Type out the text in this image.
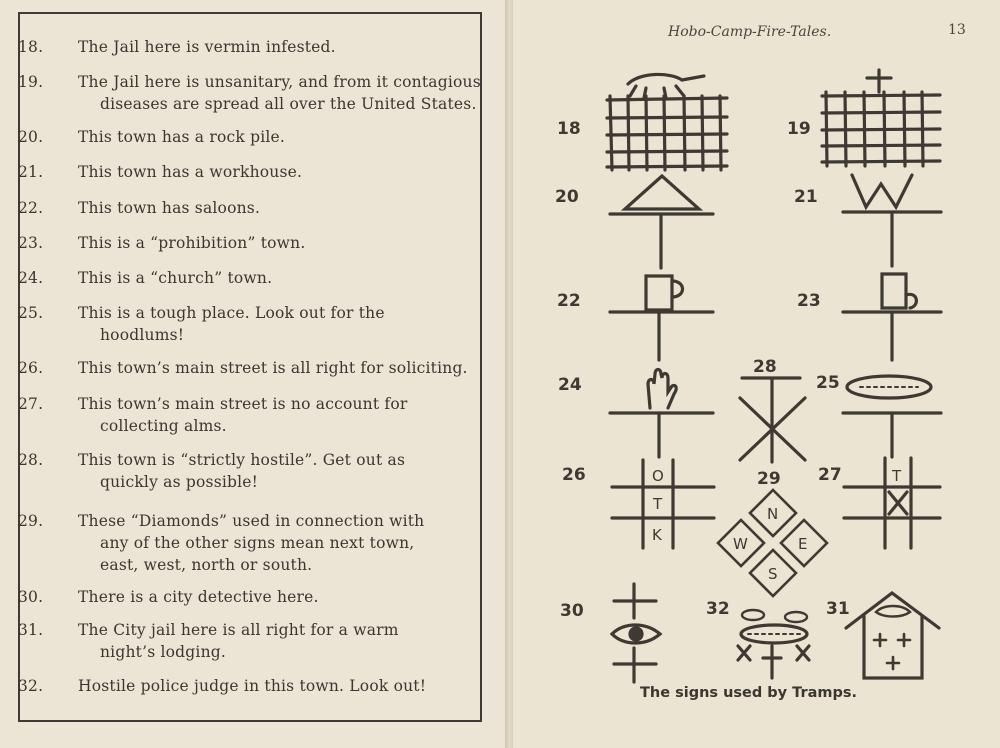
18.	The Jail here is vermin infested.
19.	The Jail here is unsanitary, and from it contagious
diseases are spread all over the United States.
20.	This town has a rock pile.
21.	This town has a workhouse.
22.	This town has saloons.
23.	This is a “prohibition” town.
24.	This is a “church” town.
25.	This is a tough place. Look out for the
hoodlums!
26.	This town’s main street is all right for soliciting.
27.	This town’s main street is no account for
collecting alms.
28.	This town is “strictly hostile”. Get out as
quickly as possible!
29.	These “Diamonds” used in connection with
any of the other signs mean next town,
east, west, north or south.
30.	There is a city detective here.
31.	The City jail here is all right for a warm
night’s lodging.
32.	Hostile police judge in this town. Look out!
Hobo-Camp-Fire-Tales.	13
18	19
20	21
22	23
24
28
25
26	O
T
K
29
N
W	E
S
27	T
30	32	31
The signs used by Tramps.
